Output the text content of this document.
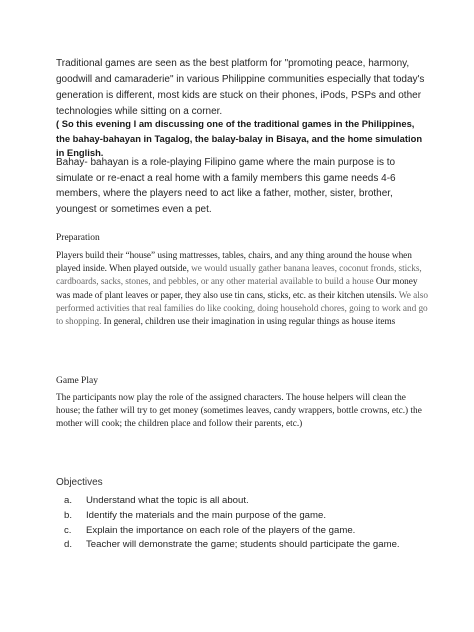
Traditional games are seen as the best platform for "promoting peace, harmony, goodwill and camaraderie" in various Philippine communities especially that today's generation is different, most kids are stuck on their phones, iPods, PSPs and other technologies while sitting on a corner.

( So this evening I am discussing one of the traditional games in the Philippines, the bahay-bahayan in Tagalog, the balay-balay in Bisaya, and the home simulation in English.

Bahay- bahayan is a role-playing Filipino game where the main purpose is to simulate or re-enact a real home with a family members this game needs 4-6 members, where the players need to act like a father, mother, sister, brother, youngest or sometimes even a pet.

Preparation

Players build their “house” using mattresses, tables, chairs, and any thing around the house when played inside. When played outside, we would usually gather banana leaves, coconut fronds, sticks, cardboards, sacks, stones, and pebbles, or any other material available to build a house Our money was made of plant leaves or paper, they also use tin cans, sticks, etc. as their kitchen utensils. We also performed activities that real families do like cooking, doing household chores, going to work and go to shopping. In general, children use their imagination in using regular things as house items

Game Play

The participants now play the role of the assigned characters. The house helpers will clean the house; the father will try to get money (sometimes leaves, candy wrappers, bottle crowns, etc.) the mother will cook; the children place and follow their parents, etc.)

Objectives

a. Understand what the topic is all about.
b. Identify the materials and the main purpose of the game.
c. Explain the importance on each role of the players of the game.
d. Teacher will demonstrate the game; students should participate the game.
